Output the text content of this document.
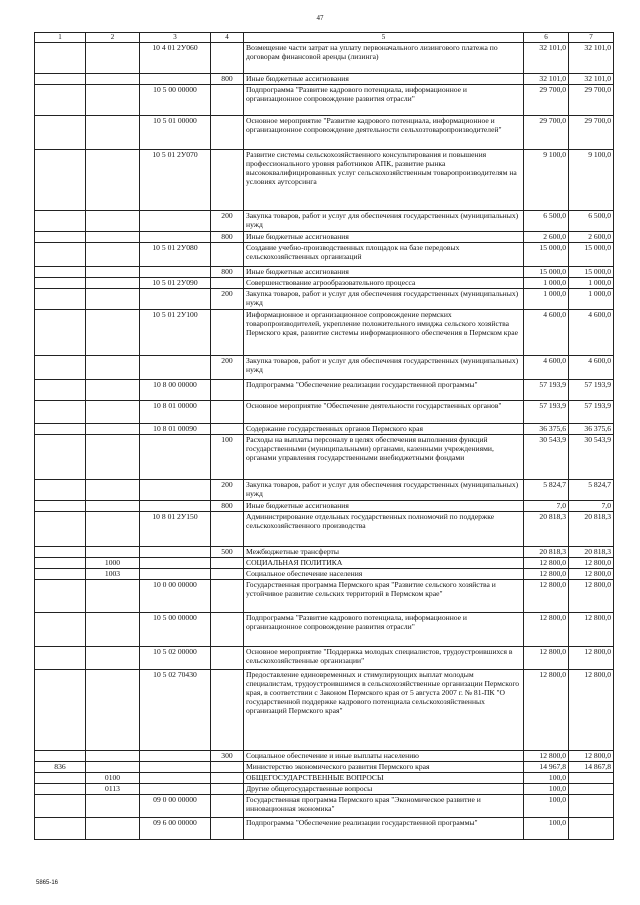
47
1	2	3	4	5	6	7
		10 4 01 2У060		Возмещение части затрат на уплату первоначального лизингового платежа по договорам финансовой аренды (лизинга)	32 101,0	32 101,0
			800	Иные бюджетные ассигнования	32 101,0	32 101,0
		10 5 00 00000		Подпрограмма "Развитие кадрового потенциала, информационное и организационное сопровождение развития отрасли"	29 700,0	29 700,0
		10 5 01 00000		Основное мероприятие "Развитие кадрового потенциала, информационное и организационное сопровождение деятельности сельхозтоваропроизводителей"	29 700,0	29 700,0
		10 5 01 2У070		Развитие системы сельскохозяйственного консультирования и повышения профессионального уровня работников АПК, развитие рынка высококвалифицированных услуг сельскохозяйственным товаропроизводителям на условиях аутсорсинга	9 100,0	9 100,0
			200	Закупка товаров, работ и услуг для обеспечения государственных (муниципальных) нужд	6 500,0	6 500,0
			800	Иные бюджетные ассигнования	2 600,0	2 600,0
		10 5 01 2У080		Создание учебно-производственных площадок на базе передовых сельскохозяйственных организаций	15 000,0	15 000,0
			800	Иные бюджетные ассигнования	15 000,0	15 000,0
		10 5 01 2У090		Совершенствование агрообразовательного процесса	1 000,0	1 000,0
			200	Закупка товаров, работ и услуг для обеспечения государственных (муниципальных) нужд	1 000,0	1 000,0
		10 5 01 2У100		Информационное и организационное сопровождение пермских товаропроизводителей, укрепление положительного имиджа сельского хозяйства Пермского края, развитие системы информационного обеспечения в Пермском крае	4 600,0	4 600,0
			200	Закупка товаров, работ и услуг для обеспечения государственных (муниципальных) нужд	4 600,0	4 600,0
		10 8 00 00000		Подпрограмма "Обеспечение реализации государственной программы"	57 193,9	57 193,9
		10 8 01 00000		Основное мероприятие "Обеспечение деятельности государственных органов"	57 193,9	57 193,9
		10 8 01 00090		Содержание государственных органов Пермского края	36 375,6	36 375,6
			100	Расходы на выплаты персоналу в целях обеспечения выполнения функций государственными (муниципальными) органами, казенными учреждениями, органами управления государственными внебюджетными фондами	30 543,9	30 543,9
			200	Закупка товаров, работ и услуг для обеспечения государственных (муниципальных) нужд	5 824,7	5 824,7
			800	Иные бюджетные ассигнования	7,0	7,0
		10 8 01 2У150		Администрирование отдельных государственных полномочий по поддержке сельскохозяйственного производства	20 818,3	20 818,3
			500	Межбюджетные трансферты	20 818,3	20 818,3
	1000			СОЦИАЛЬНАЯ ПОЛИТИКА	12 800,0	12 800,0
	1003			Социальное обеспечение населения	12 800,0	12 800,0
		10 0 00 00000		Государственная программа Пермского края "Развитие сельского хозяйства и устойчивое развитие сельских территорий в Пермском крае"	12 800,0	12 800,0
		10 5 00 00000		Подпрограмма "Развитие кадрового потенциала, информационное и организационное сопровождение развития отрасли"	12 800,0	12 800,0
		10 5 02 00000		Основное мероприятие "Поддержка молодых специалистов, трудоустроившихся в сельскохозяйственные организации"	12 800,0	12 800,0
		10 5 02 70430		Предоставление единовременных и стимулирующих выплат молодым специалистам, трудоустроившимся в сельскохозяйственные организации Пермского края, в соответствии с Законом Пермского края от 5 августа 2007 г. № 81-ПК "О государственной поддержке кадрового потенциала сельскохозяйственных организаций Пермского края"	12 800,0	12 800,0
			300	Социальное обеспечение и иные выплаты населению	12 800,0	12 800,0
836				Министерство экономического развития Пермского края	14 967,8	14 867,8
	0100			ОБЩЕГОСУДАРСТВЕННЫЕ ВОПРОСЫ	100,0	
	0113			Другие общегосударственные вопросы	100,0	
		09 0 00 00000		Государственная программа Пермского края "Экономическое развитие и инновационная экономика"	100,0	
		09 6 00 00000		Подпрограмма "Обеспечение реализации государственной программы"	100,0	
5865-16
